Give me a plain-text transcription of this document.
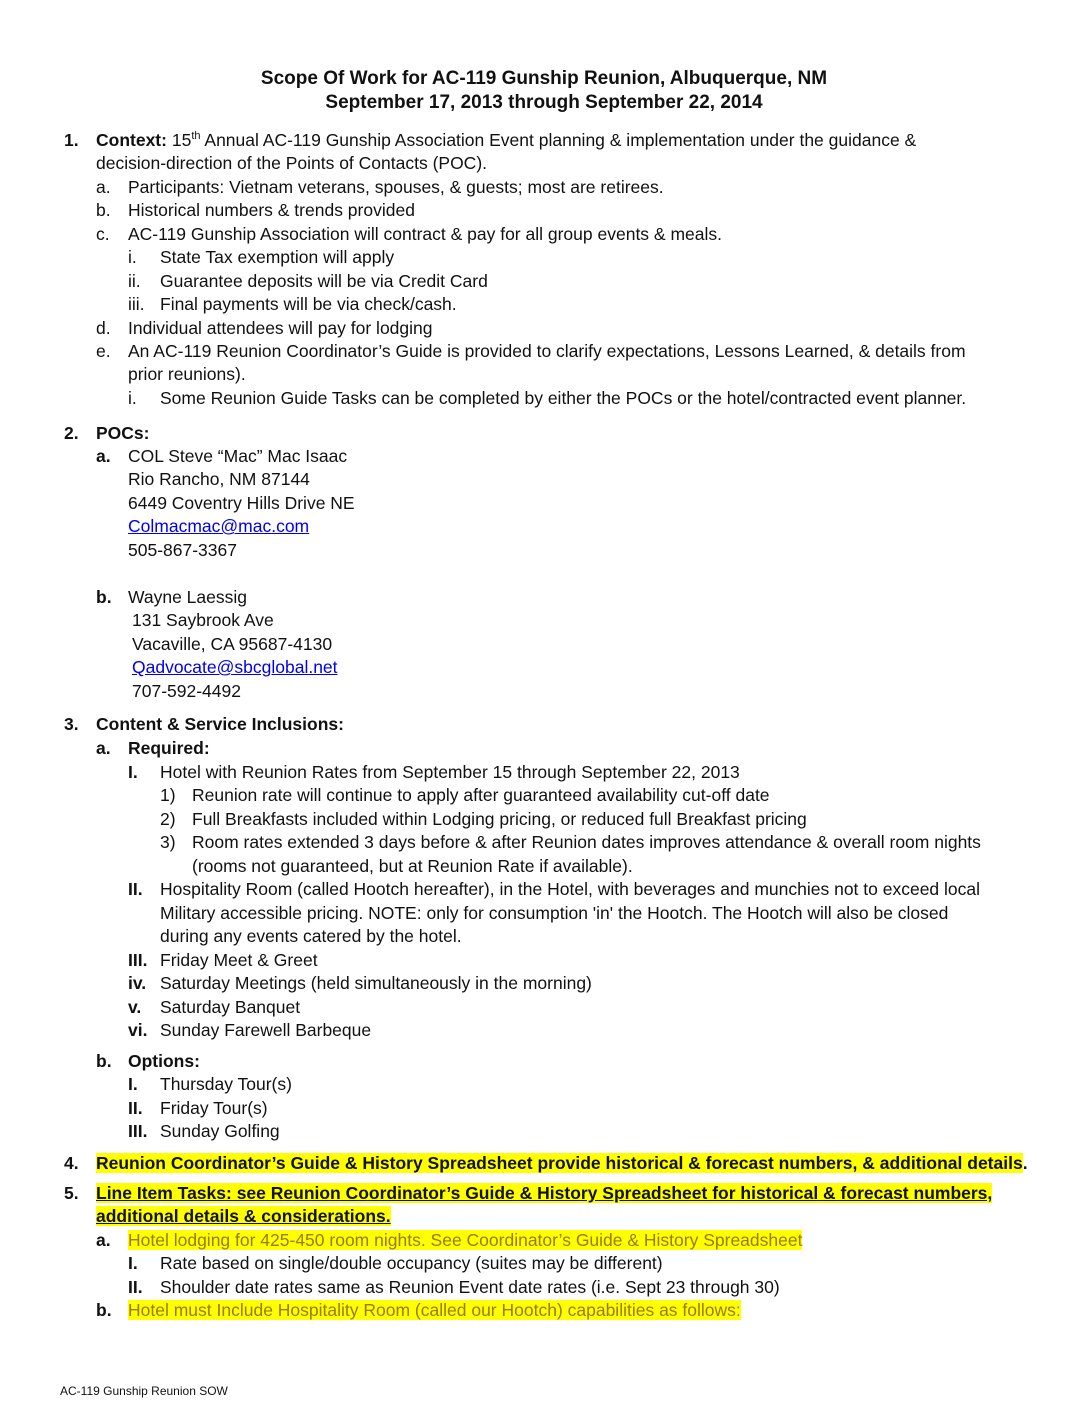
Scope Of Work for AC-119 Gunship Reunion, Albuquerque, NM
September 17, 2013 through September 22, 2014
1. Context: 15th Annual AC-119 Gunship Association Event planning & implementation under the guidance &
decision-direction of the Points of Contacts (POC).
a. Participants: Vietnam veterans, spouses, & guests; most are retirees.
b. Historical numbers & trends provided
c. AC-119 Gunship Association will contract & pay for all group events & meals.
i. State Tax exemption will apply
ii. Guarantee deposits will be via Credit Card
iii. Final payments will be via check/cash.
d. Individual attendees will pay for lodging
e. An AC-119 Reunion Coordinator’s Guide is provided to clarify expectations, Lessons Learned, & details from
prior reunions).
i. Some Reunion Guide Tasks can be completed by either the POCs or the hotel/contracted event planner.
2. POCs:
a. COL Steve “Mac” Mac Isaac
Rio Rancho, NM 87144
6449 Coventry Hills Drive NE
Colmacmac@mac.com
505-867-3367
b. Wayne Laessig
131 Saybrook Ave
Vacaville, CA 95687-4130
Qadvocate@sbcglobal.net
707-592-4492
3. Content & Service Inclusions:
a. Required:
I. Hotel with Reunion Rates from September 15 through September 22, 2013
1) Reunion rate will continue to apply after guaranteed availability cut-off date
2) Full Breakfasts included within Lodging pricing, or reduced full Breakfast pricing
3) Room rates extended 3 days before & after Reunion dates improves attendance & overall room nights
(rooms not guaranteed, but at Reunion Rate if available).
II. Hospitality Room (called Hootch hereafter), in the Hotel, with beverages and munchies not to exceed local
Military accessible pricing. NOTE: only for consumption 'in' the Hootch. The Hootch will also be closed
during any events catered by the hotel.
III. Friday Meet & Greet
iv. Saturday Meetings (held simultaneously in the morning)
v. Saturday Banquet
vi. Sunday Farewell Barbeque
b. Options:
I. Thursday Tour(s)
II. Friday Tour(s)
III. Sunday Golfing
4. Reunion Coordinator’s Guide & History Spreadsheet provide historical & forecast numbers, & additional details.
5. Line Item Tasks: see Reunion Coordinator’s Guide & History Spreadsheet for historical & forecast numbers,
additional details & considerations.
a. Hotel lodging for 425-450 room nights. See Coordinator’s Guide & History Spreadsheet
I. Rate based on single/double occupancy (suites may be different)
II. Shoulder date rates same as Reunion Event date rates (i.e. Sept 23 through 30)
b. Hotel must Include Hospitality Room (called our Hootch) capabilities as follows:
AC-119 Gunship Reunion SOW
